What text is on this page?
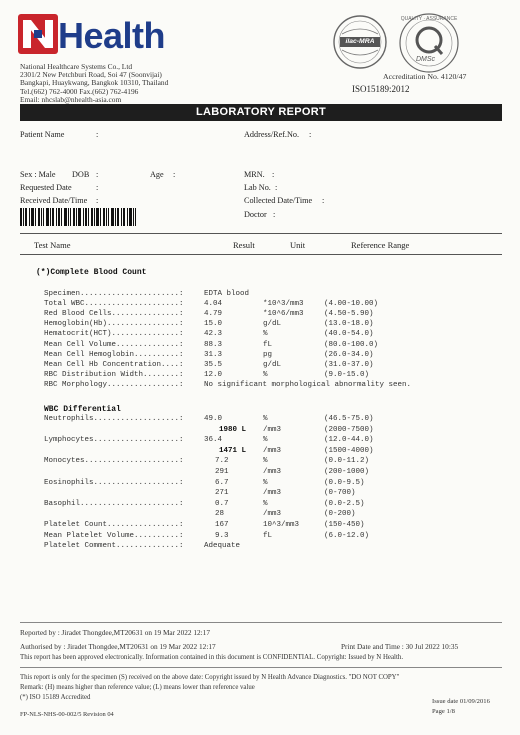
Health
National Healthcare Systems Co., Ltd
2301/2 New Petchburi Road, Soi 47 (Soonvijai)
Bangkapi, Huaykwang, Bangkok 10310, Thailand
Tel.(662) 762-4000 Fax.(662) 762-4196
Email: nhcslab@nhealth-asia.com
ilac-MRA
QUALITY · ASSURANCE
DMSc
Accreditation No. 4120/47
ISO15189:2012
LABORATORY REPORT
Patient Name	:	Address/Ref.No. :
Sex : Male DOB :	Age :	MRN. :
Requested Date	:	Lab No. :
Received Date/Time :	Collected Date/Time :
Doctor :
Test Name	Result	Unit	Reference Range
(*)Complete Blood Count
Specimen......................:	EDTA blood
Total WBC.....................:	4.04	*10^3/mm3	(4.00-10.00)
Red Blood Cells...............:	4.79	*10^6/mm3	(4.50-5.90)
Hemoglobin(Hb)................:	15.0	g/dL	(13.0-18.0)
Hematocrit(HCT)...............:	42.3	%	(40.0-54.0)
Mean Cell Volume..............:	88.3	fL	(80.0-100.0)
Mean Cell Hemoglobin..........:	31.3	pg	(26.0-34.0)
Mean Cell Hb Concentration....:	35.5	g/dL	(31.0-37.0)
RBC Distribution Width........:	12.0	%	(9.0-15.0)
RBC Morphology................:	No significant morphological abnormality seen.
WBC Differential
Neutrophils...................:	49.0	%	(46.5-75.0)
1980 L /mm3	(2000-7500)
Lymphocytes...................:	36.4	%	(12.0-44.0)
1471 L /mm3	(1500-4000)
Monocytes.....................:	7.2	%	(0.0-11.2)
291	/mm3	(200-1000)
Eosinophils...................:	6.7	%	(0.0-9.5)
271	/mm3	(0-700)
Basophil......................:	0.7	%	(0.0-2.5)
28	/mm3	(0-200)
Platelet Count................:	167	10^3/mm3	(150-450)
Mean Platelet Volume..........:	9.3	fL	(6.0-12.0)
Platelet Comment..............:	Adequate
Reported by : Jiradet Thongdee,MT20631 on 19 Mar 2022 12:17
Authorised by : Jiradet Thongdee,MT20631 on 19 Mar 2022 12:17	Print Date and Time : 30 Jul 2022 10:35
This report has been approved electronically. Information contained in this document is CONFIDENTIAL. Copyright: Issued by N Health.
This report is only for the specimen (S) received on the above date: Copyright issued by N Health Advance Diagnostics. "DO NOT COPY"
Remark: (H) means higher than reference value; (L) means lower than reference value
(*) ISO 15189 Accredited
Issue date 01/09/2016
Page 1/8
FP-NLS-NHS-00-002/5 Revision 04
